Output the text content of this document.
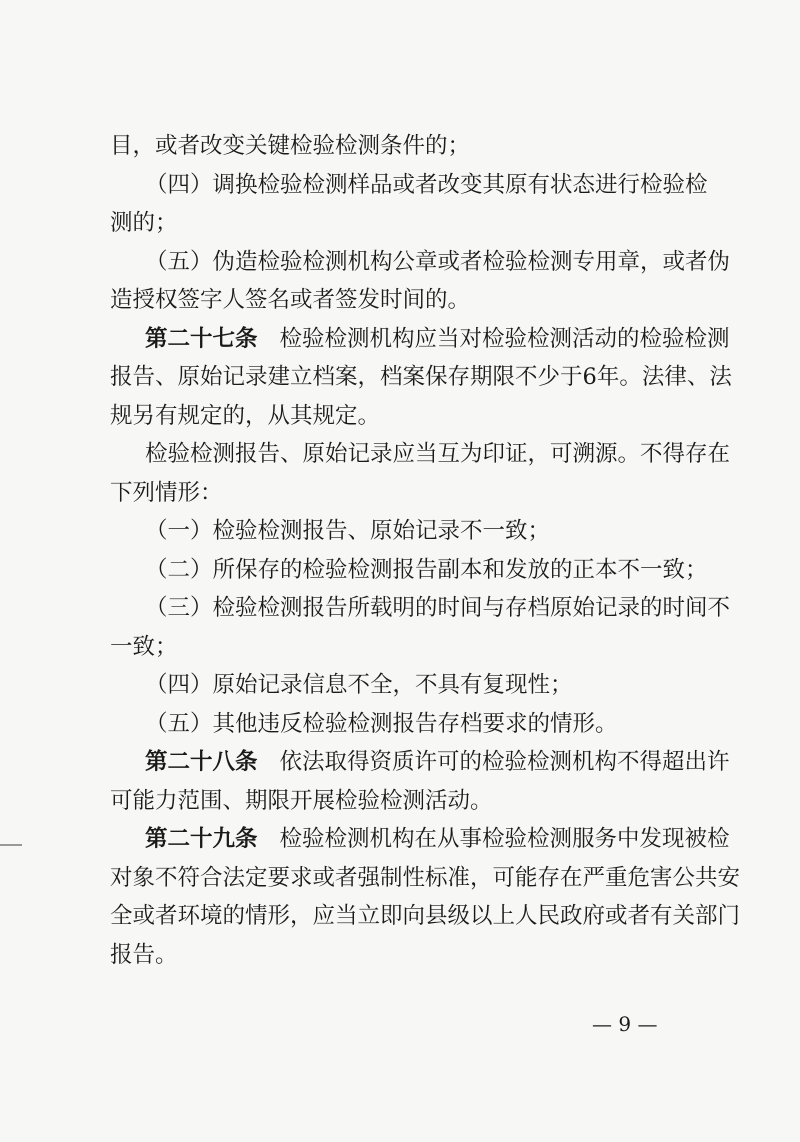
目，或者改变关键检验检测条件的；
（四）调换检验检测样品或者改变其原有状态进行检验检
测的；
（五）伪造检验检测机构公章或者检验检测专用章，或者伪
造授权签字人签名或者签发时间的。
第二十七条 检验检测机构应当对检验检测活动的检验检测
报告、原始记录建立档案，档案保存期限不少于6年。法律、法
规另有规定的，从其规定。
检验检测报告、原始记录应当互为印证，可溯源。不得存在
下列情形：
（一）检验检测报告、原始记录不一致；
（二）所保存的检验检测报告副本和发放的正本不一致；
（三）检验检测报告所载明的时间与存档原始记录的时间不
一致；
（四）原始记录信息不全，不具有复现性；
（五）其他违反检验检测报告存档要求的情形。
第二十八条 依法取得资质许可的检验检测机构不得超出许
可能力范围、期限开展检验检测活动。
第二十九条 检验检测机构在从事检验检测服务中发现被检
对象不符合法定要求或者强制性标准，可能存在严重危害公共安
全或者环境的情形，应当立即向县级以上人民政府或者有关部门
报告。
— 9 —
